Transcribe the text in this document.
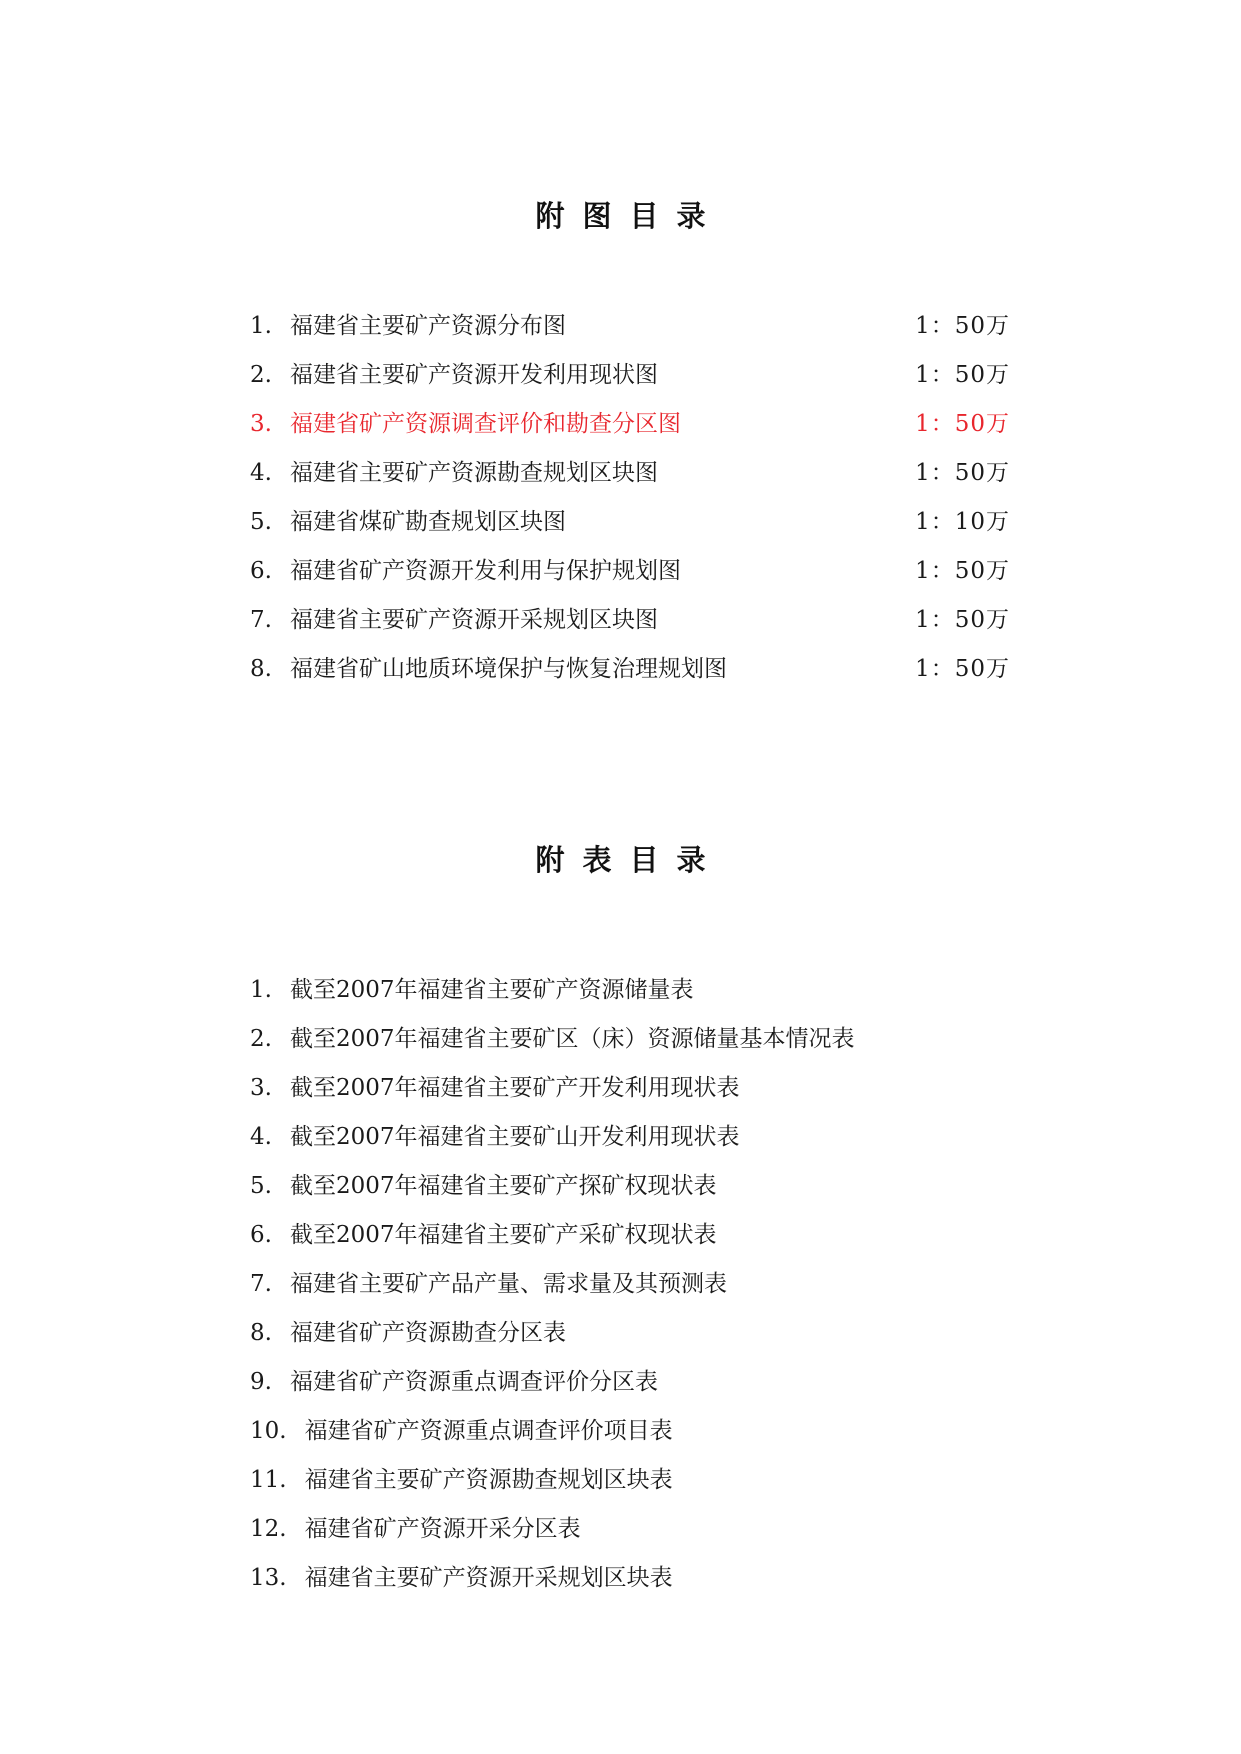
附图目录
1. 福建省主要矿产资源分布图	1：50万
2. 福建省主要矿产资源开发利用现状图	1：50万
3. 福建省矿产资源调查评价和勘查分区图	1：50万
4. 福建省主要矿产资源勘查规划区块图	1：50万
5. 福建省煤矿勘查规划区块图	1：10万
6. 福建省矿产资源开发利用与保护规划图	1：50万
7. 福建省主要矿产资源开采规划区块图	1：50万
8. 福建省矿山地质环境保护与恢复治理规划图	1：50万
附表目录
1. 截至2007年福建省主要矿产资源储量表
2. 截至2007年福建省主要矿区（床）资源储量基本情况表
3. 截至2007年福建省主要矿产开发利用现状表
4. 截至2007年福建省主要矿山开发利用现状表
5. 截至2007年福建省主要矿产探矿权现状表
6. 截至2007年福建省主要矿产采矿权现状表
7. 福建省主要矿产品产量、需求量及其预测表
8. 福建省矿产资源勘查分区表
9. 福建省矿产资源重点调查评价分区表
10. 福建省矿产资源重点调查评价项目表
11. 福建省主要矿产资源勘查规划区块表
12. 福建省矿产资源开采分区表
13. 福建省主要矿产资源开采规划区块表
